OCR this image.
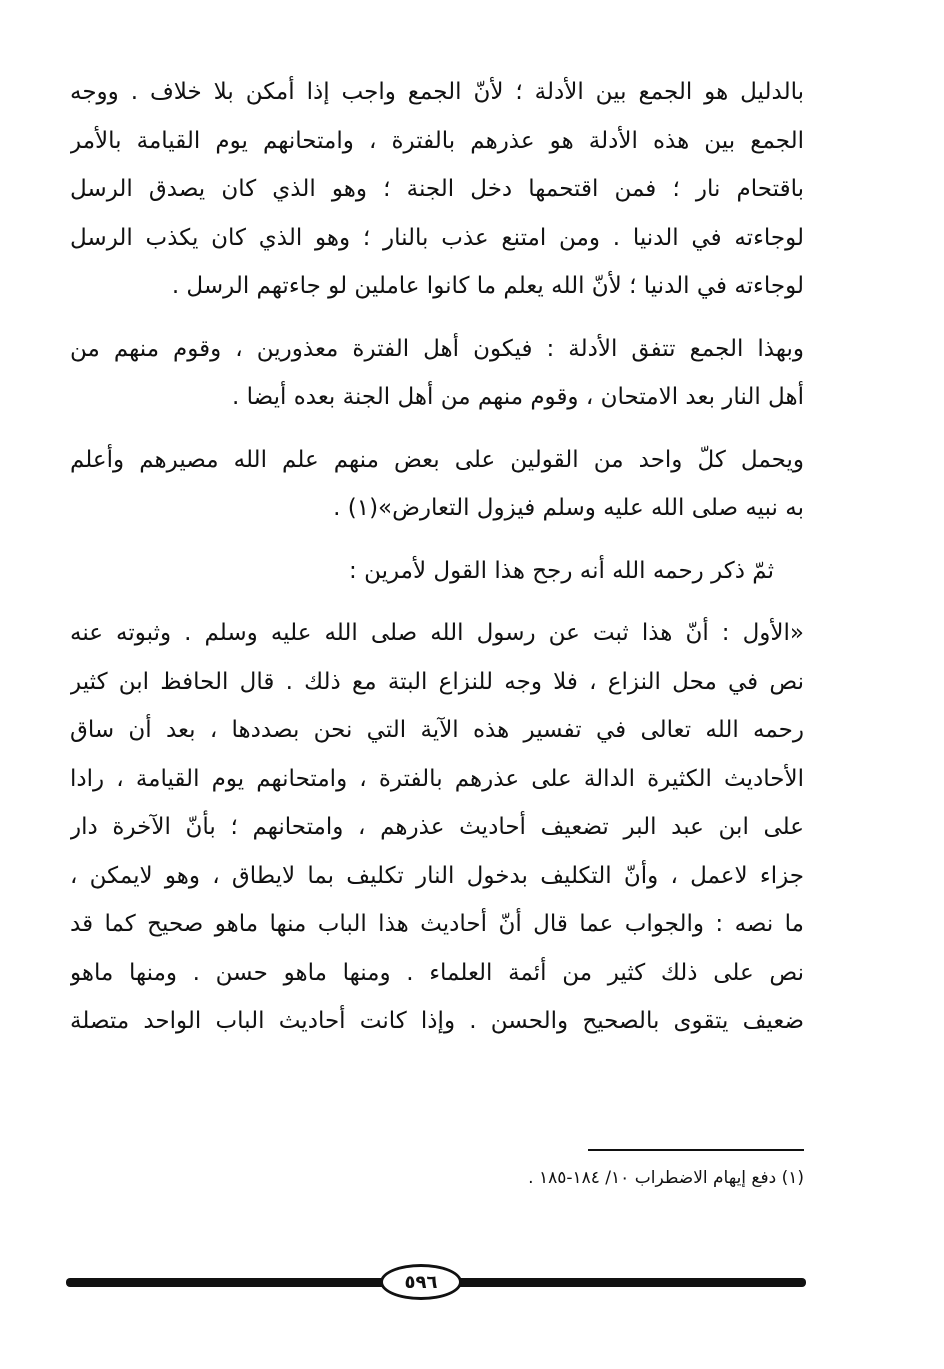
بالدليل هو الجمع بين الأدلة ؛ لأنّ الجمع واجب إذا أمكن بلا خلاف . ووجه
الجمع بين هذه الأدلة هو عذرهم بالفترة ، وامتحانهم يوم القيامة بالأمر
باقتحام نار ؛ فمن اقتحمها دخل الجنة ؛ وهو الذي كان يصدق الرسل
لوجاءته في الدنيا . ومن امتنع عذب بالنار ؛ وهو الذي كان يكذب الرسل
لوجاءته في الدنيا ؛ لأنّ الله يعلم ما كانوا عاملين لو جاءتهم الرسل .
وبهذا الجمع تتفق الأدلة : فيكون أهل الفترة معذورين ، وقوم منهم من
أهل النار بعد الامتحان ، وقوم منهم من أهل الجنة بعده أيضا .
ويحمل كلّ واحد من القولين على بعض منهم علم الله مصيرهم وأعلم
به نبيه صلى الله عليه وسلم فيزول التعارض»(١) .
ثمّ ذكر رحمه الله أنه رجح هذا القول لأمرين :
«الأول : أنّ هذا ثبت عن رسول الله صلى الله عليه وسلم . وثبوته عنه
نص في محل النزاع ، فلا وجه للنزاع البتة مع ذلك . قال الحافظ ابن كثير
رحمه الله تعالى في تفسير هذه الآية التي نحن بصددها ، بعد أن ساق
الأحاديث الكثيرة الدالة على عذرهم بالفترة ، وامتحانهم يوم القيامة ، رادا
على ابن عبد البر تضعيف أحاديث عذرهم ، وامتحانهم ؛ بأنّ الآخرة دار
جزاء لاعمل ، وأنّ التكليف بدخول النار تكليف بما لايطاق ، وهو لايمكن ،
ما نصه : والجواب عما قال أنّ أحاديث هذا الباب منها ماهو صحيح كما قد
نص على ذلك كثير من أئمة العلماء . ومنها ماهو حسن . ومنها ماهو
ضعيف يتقوى بالصحيح والحسن . وإذا كانت أحاديث الباب الواحد متصلة
(١) دفع إيهام الاضطراب ١٠/ ١٨٤-١٨٥ .
٥٩٦
